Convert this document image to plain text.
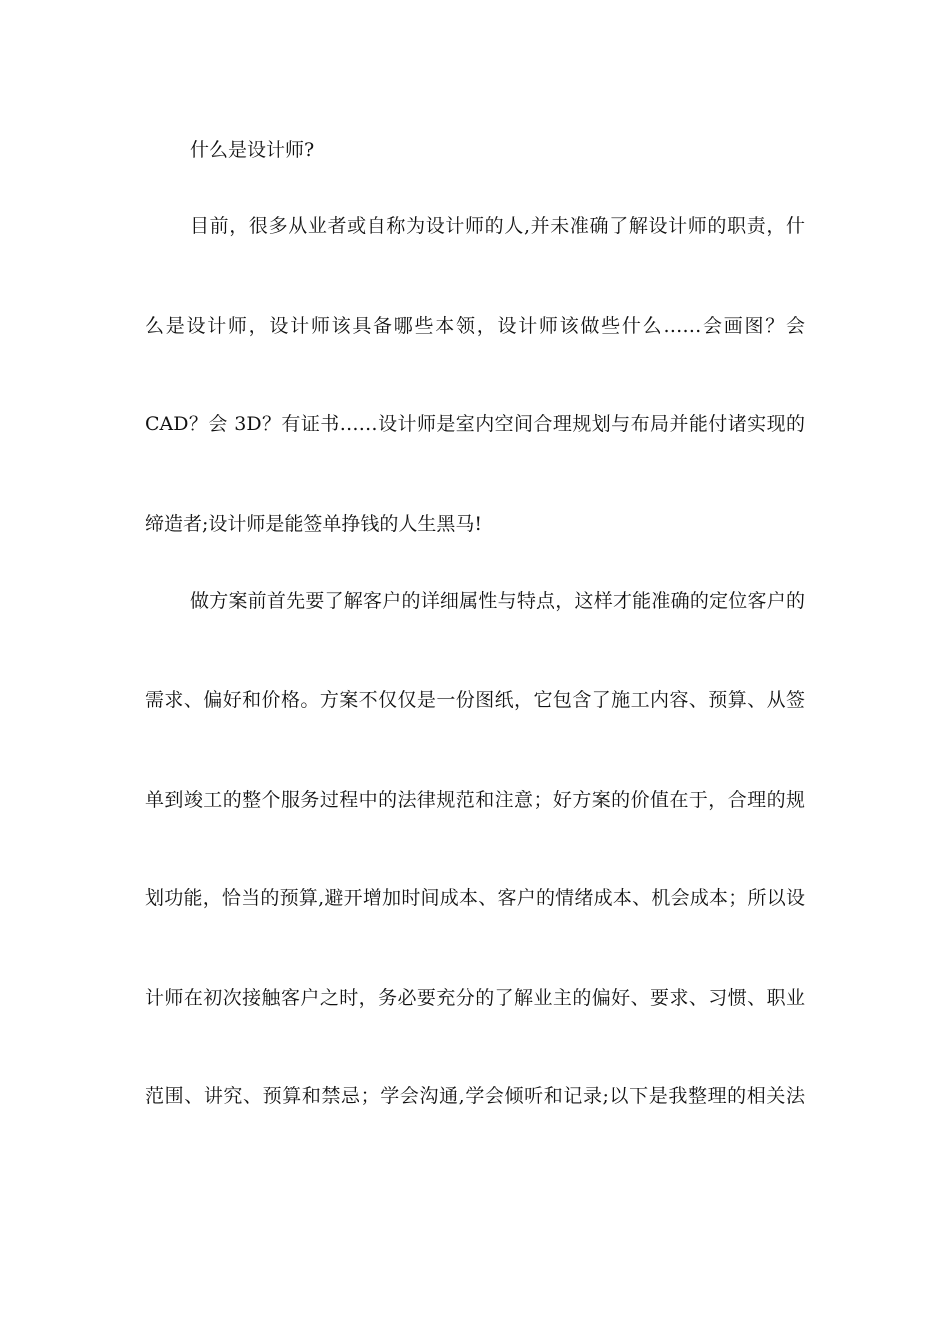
什么是设计师?
目前，很多从业者或自称为设计师的人,并未准确了解设计师的职责，什
么是设计师，设计师该具备哪些本领，设计师该做些什么……会画图？会
CAD？会 3D？有证书……设计师是室内空间合理规划与布局并能付诸实现的
缔造者;设计师是能签单挣钱的人生黑马!
做方案前首先要了解客户的详细属性与特点，这样才能准确的定位客户的
需求、偏好和价格。方案不仅仅是一份图纸，它包含了施工内容、预算、从签
单到竣工的整个服务过程中的法律规范和注意；好方案的价值在于，合理的规
划功能，恰当的预算,避开增加时间成本、客户的情绪成本、机会成本；所以设
计师在初次接触客户之时，务必要充分的了解业主的偏好、要求、习惯、职业
范围、讲究、预算和禁忌；学会沟通,学会倾听和记录;以下是我整理的相关法
